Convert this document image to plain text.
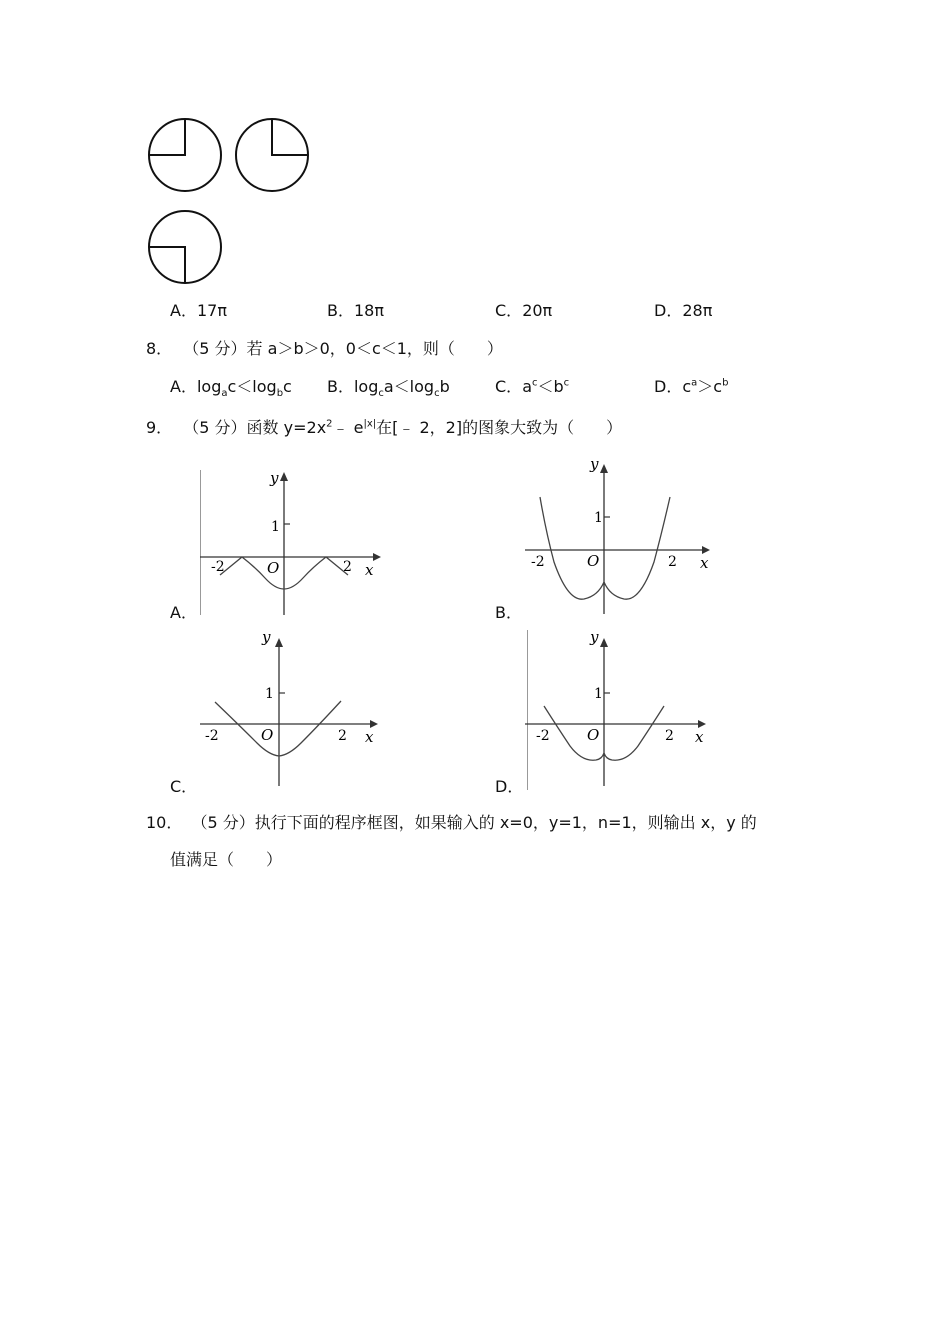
A．17π	B．18π	C．20π	D．28π
8． （5 分）若 a＞b＞0，0＜c＜1，则（　　）
A．$\log_ac<\log_bc$ B．$\log_ca<\log_cb$	C．$a^c<b^c$	D．$c^a>c^b$
9． （5 分）函数 $y=2x^2﹣$ $e^{|x|}$在[﹣ 2，2]的图象大致为（　　）
A．
y
x
O
1
-2	2
y
x
O
1
-2	2
B．
y
x
O
1
-2	2
C．
y
x
O
1
-2	2
D．
10． （5 分）执行下面的程序框图，如果输入的 x=0，y=1，n=1，则输出 x，y 的
值满足（　　）
